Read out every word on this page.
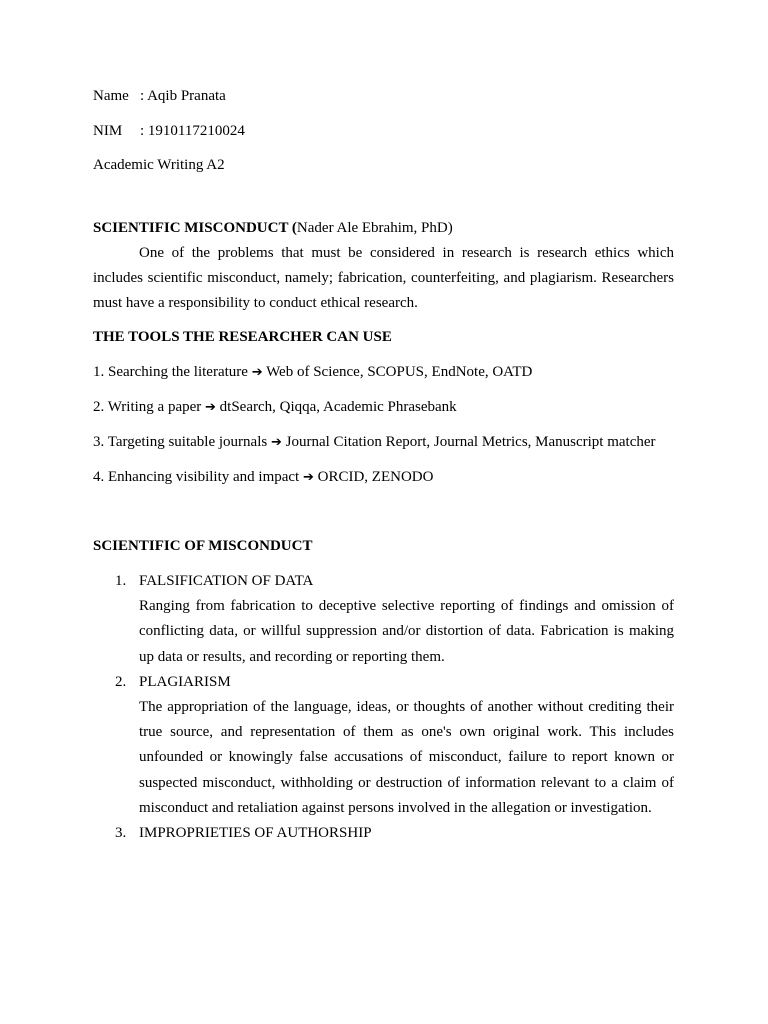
Name : Aqib Pranata
NIM : 1910117210024
Academic Writing A2

SCIENTIFIC MISCONDUCT (Nader Ale Ebrahim, PhD)

One of the problems that must be considered in research is research ethics which includes scientific misconduct, namely; fabrication, counterfeiting, and plagiarism. Researchers must have a responsibility to conduct ethical research.

THE TOOLS THE RESEARCHER CAN USE

1. Searching the literature ➔ Web of Science, SCOPUS, EndNote, OATD

2. Writing a paper ➔ dtSearch, Qiqqa, Academic Phrasebank

3. Targeting suitable journals ➔ Journal Citation Report, Journal Metrics, Manuscript matcher

4. Enhancing visibility and impact ➔ ORCID, ZENODO

SCIENTIFIC OF MISCONDUCT

1. FALSIFICATION OF DATA

Ranging from fabrication to deceptive selective reporting of findings and omission of conflicting data, or willful suppression and/or distortion of data. Fabrication is making up data or results, and recording or reporting them.

2. PLAGIARISM

The appropriation of the language, ideas, or thoughts of another without crediting their true source, and representation of them as one's own original work. This includes unfounded or knowingly false accusations of misconduct, failure to report known or suspected misconduct, withholding or destruction of information relevant to a claim of misconduct and retaliation against persons involved in the allegation or investigation.

3. IMPROPRIETIES OF AUTHORSHIP
